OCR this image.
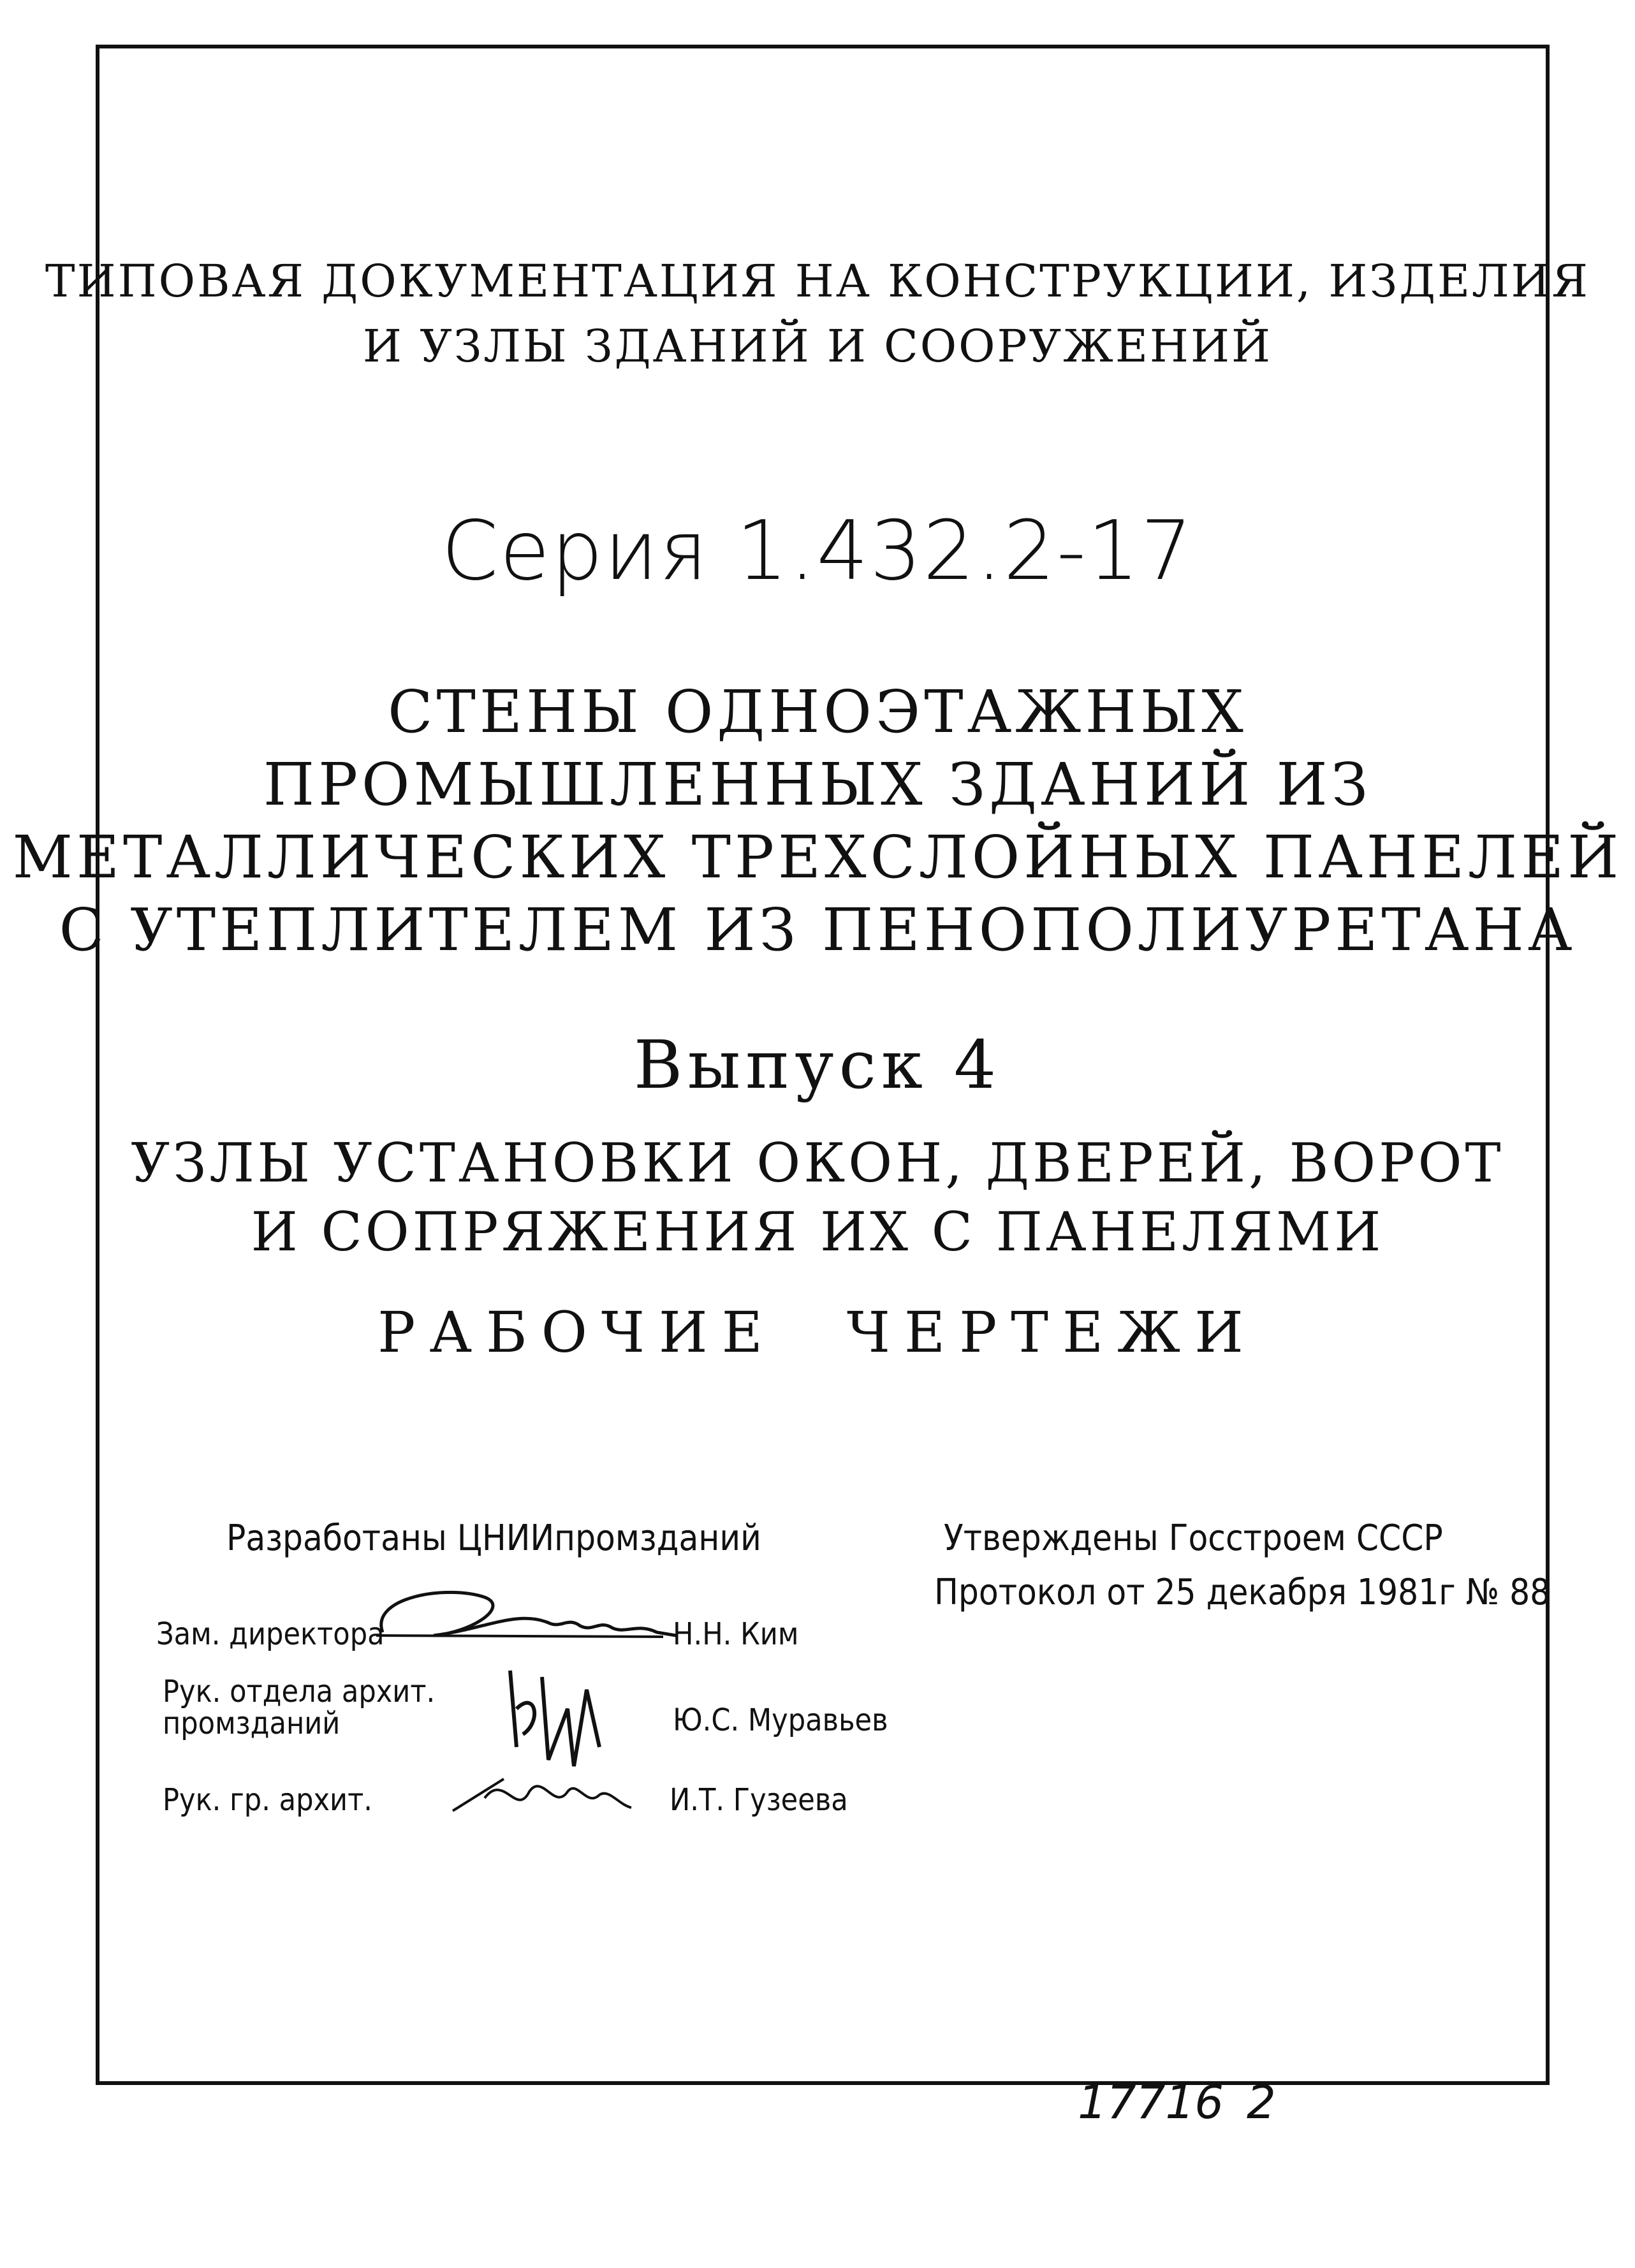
ТИПОВАЯ ДОКУМЕНТАЦИЯ НА КОНСТРУКЦИИ, ИЗДЕЛИЯ
И УЗЛЫ ЗДАНИЙ И СООРУЖЕНИЙ
Серия 1.432.2-17
СТЕНЫ ОДНОЭТАЖНЫХ
ПРОМЫШЛЕННЫХ ЗДАНИЙ ИЗ
МЕТАЛЛИЧЕСКИХ ТРЕХСЛОЙНЫХ ПАНЕЛЕЙ
С УТЕПЛИТЕЛЕМ ИЗ ПЕНОПОЛИУРЕТАНА
Выпуск 4
УЗЛЫ УСТАНОВКИ ОКОН, ДВЕРЕЙ, ВОРОТ
И СОПРЯЖЕНИЯ ИХ С ПАНЕЛЯМИ
РАБОЧИЕ ЧЕРТЕЖИ
Разработаны ЦНИИпромзданий	Утверждены Госстроем СССР
Протокол от 25 декабря 1981г № 88
Зам. директора	Н.Н. Ким
Рук. отдела архит.
промзданий	Ю.С. Муравьев
Рук. гр. архит.	И.Т. Гузеева
17716 2
